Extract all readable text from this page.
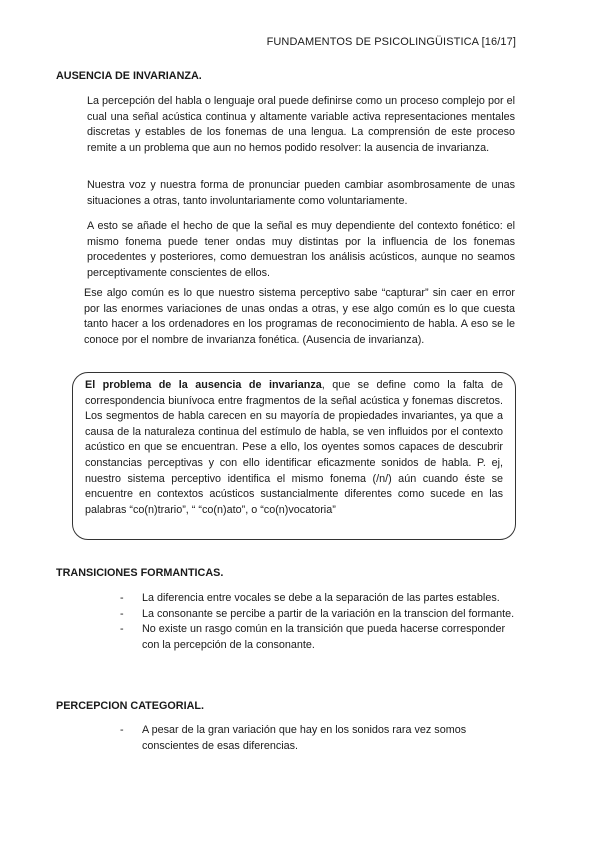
FUNDAMENTOS DE PSICOLINGÜISTICA [16/17]
AUSENCIA DE INVARIANZA.

La percepción del habla o lenguaje oral puede definirse como un proceso complejo por el cual una señal acústica continua y altamente variable activa representaciones mentales discretas y estables de los fonemas de una lengua. La comprensión de este proceso remite a un problema que aun no hemos podido resolver: la ausencia de invarianza.

Nuestra voz y nuestra forma de pronunciar pueden cambiar asombrosamente de unas situaciones a otras, tanto involuntariamente como voluntariamente.

A esto se añade el hecho de que la señal es muy dependiente del contexto fonético: el mismo fonema puede tener ondas muy distintas por la influencia de los fonemas procedentes y posteriores, como demuestran los análisis acústicos, aunque no seamos perceptivamente conscientes de ellos.

Ese algo común es lo que nuestro sistema perceptivo sabe “capturar” sin caer en error por las enormes variaciones de unas ondas a otras, y ese algo común es lo que cuesta tanto hacer a los ordenadores en los programas de reconocimiento de habla. A eso se le conoce por el nombre de invarianza fonética. (Ausencia de invarianza).

El problema de la ausencia de invarianza, que se define como la falta de correspondencia biunívoca entre fragmentos de la señal acústica y fonemas discretos. Los segmentos de habla carecen en su mayoría de propiedades invariantes, ya que a causa de la naturaleza continua del estímulo de habla, se ven influidos por el contexto acústico en que se encuentran. Pese a ello, los oyentes somos capaces de descubrir constancias perceptivas y con ello identificar eficazmente sonidos de habla. P. ej, nuestro sistema perceptivo identifica el mismo fonema (/n/) aún cuando éste se encuentre en contextos acústicos sustancialmente diferentes como sucede en las palabras “co(n)trario”, “ “co(n)ato”, o “co(n)vocatoria”

TRANSICIONES FORMANTICAS.
- La diferencia entre vocales se debe a la separación de las partes estables.
- La consonante se percibe a partir de la variación en la transcion del formante.
- No existe un rasgo común en la transición que pueda hacerse corresponder con la percepción de la consonante.
PERCEPCION CATEGORIAL.
- A pesar de la gran variación que hay en los sonidos rara vez somos conscientes de esas diferencias.
